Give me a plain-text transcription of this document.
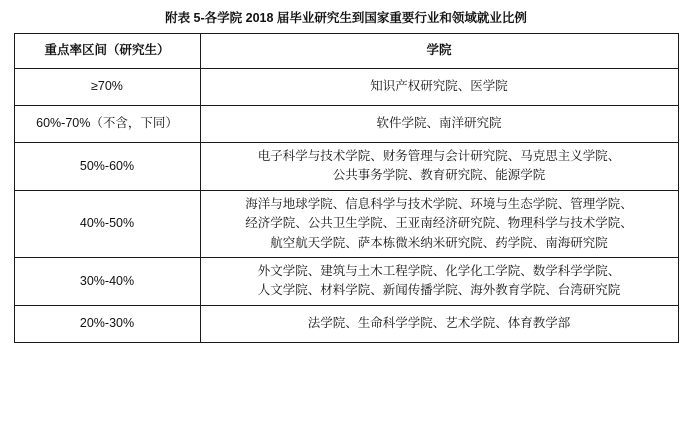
附表 5-各学院 2018 届毕业研究生到国家重要行业和领域就业比例
重点率区间（研究生）	学院
≥70%	知识产权研究院、医学院

60%-70%（不含，下同）	软件学院、南洋研究院

50%-60%	电子科学与技术学院、财务管理与会计研究院、马克思主义学院、
公共事务学院、教育研究院、能源学院

40%-50%	海洋与地球学院、信息科学与技术学院、环境与生态学院、管理学院、
经济学院、公共卫生学院、王亚南经济研究院、物理科学与技术学院、
航空航天学院、萨本栋微米纳米研究院、药学院、南海研究院

30%-40%	外文学院、建筑与土木工程学院、化学化工学院、数学科学学院、
人文学院、材料学院、新闻传播学院、海外教育学院、台湾研究院

20%-30%	法学院、生命科学学院、艺术学院、体育教学部
